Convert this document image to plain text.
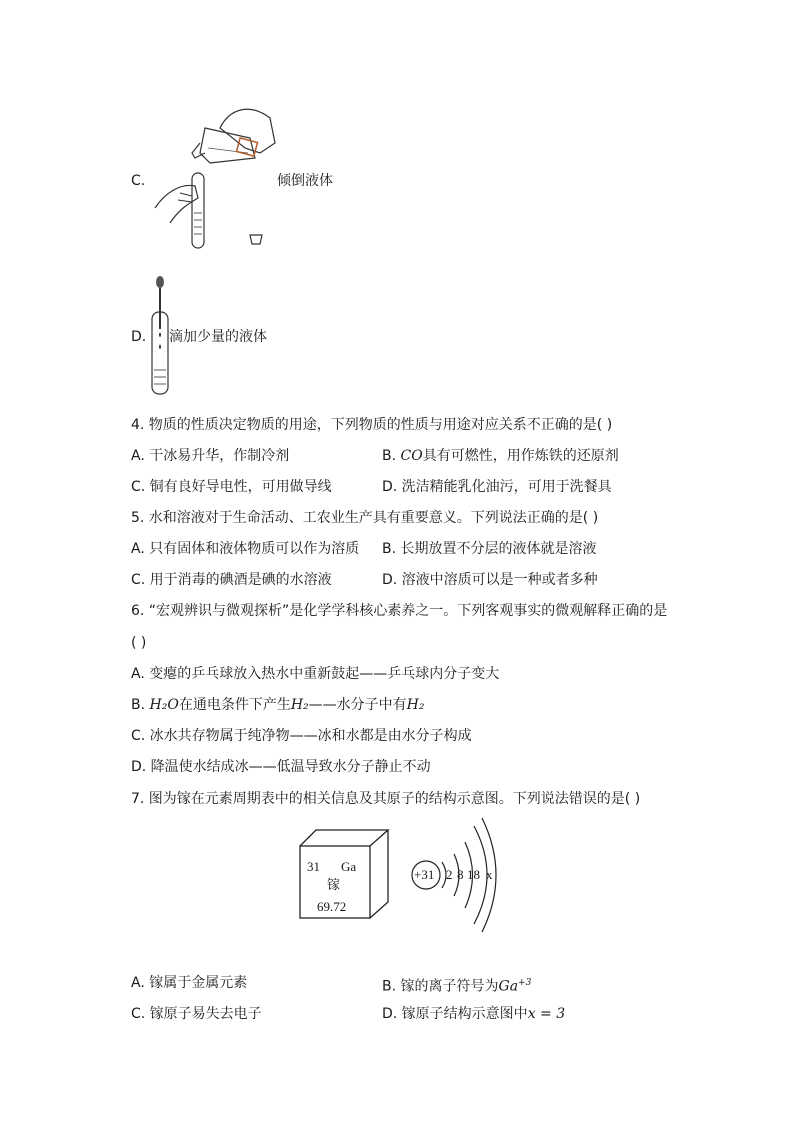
C.	倾倒液体
D. 滴加少量的液体
4. 物质的性质决定物质的用途，下列物质的性质与用途对应关系不正确的是( )
A. 干冰易升华，作制冷剂	B. CO具有可燃性，用作炼铁的还原剂
C. 铜有良好导电性，可用做导线	D. 洗洁精能乳化油污，可用于洗餐具
5. 水和溶液对于生命活动、工农业生产具有重要意义。下列说法正确的是( )
A. 只有固体和液体物质可以作为溶质 B. 长期放置不分层的液体就是溶液
C. 用于消毒的碘酒是碘的水溶液	D. 溶液中溶质可以是一种或者多种
6. “宏观辨识与微观探析”是化学学科核心素养之一。下列客观事实的微观解释正确的是
( )
A. 变瘪的乒乓球放入热水中重新鼓起——乒乓球内分子变大
B. H₂O在通电条件下产生H₂——水分子中有H₂
C. 冰水共存物属于纯净物——冰和水都是由水分子构成
D. 降温使水结成冰——低温导致水分子静止不动
7. 图为镓在元素周期表中的相关信息及其原子的结构示意图。下列说法错误的是( )
31 Ga
镓
69.72
+31 2 8 18 x
A. 镓属于金属元素	B. 镓的离子符号为$Ga^{+3}$
C. 镓原子易失去电子	D. 镓原子结构示意图中x = 3
